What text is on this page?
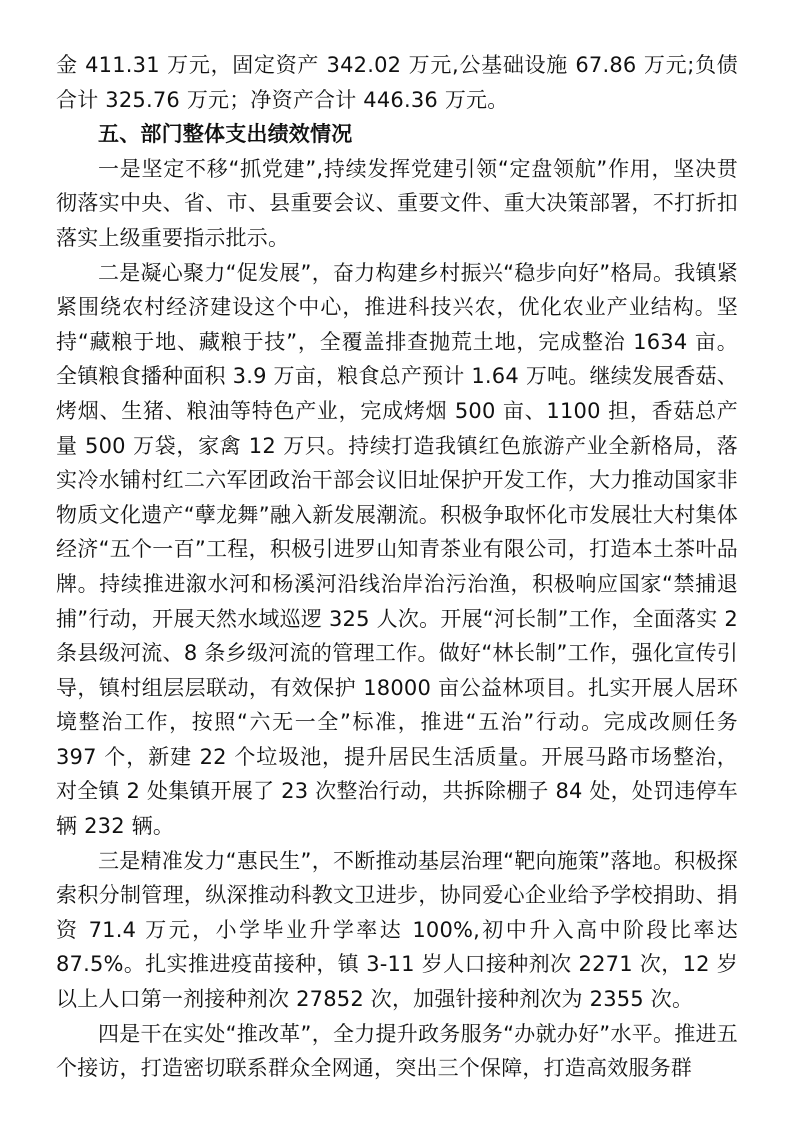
金 411.31 万元，固定资产 342.02 万元,公基础设施 67.86 万元;负债合计 325.76 万元；净资产合计 446.36 万元。

五、部门整体支出绩效情况

一是坚定不移“抓党建”,持续发挥党建引领“定盘领航”作用，坚决贯彻落实中央、省、市、县重要会议、重要文件、重大决策部署，不打折扣落实上级重要指示批示。

二是凝心聚力“促发展”，奋力构建乡村振兴“稳步向好”格局。我镇紧紧围绕农村经济建设这个中心，推进科技兴农，优化农业产业结构。坚持“藏粮于地、藏粮于技”，全覆盖排查抛荒土地，完成整治 1634 亩。全镇粮食播种面积 3.9 万亩，粮食总产预计 1.64 万吨。继续发展香菇、烤烟、生猪、粮油等特色产业，完成烤烟 500 亩、1100 担，香菇总产量 500 万袋，家禽 12 万只。持续打造我镇红色旅游产业全新格局，落实冷水铺村红二六军团政治干部会议旧址保护开发工作，大力推动国家非物质文化遗产“孽龙舞”融入新发展潮流。积极争取怀化市发展壮大村集体经济“五个一百”工程，积极引进罗山知青茶业有限公司，打造本土茶叶品牌。持续推进溆水河和杨溪河沿线治岸治污治渔，积极响应国家“禁捕退捕”行动，开展天然水域巡逻 325 人次。开展“河长制”工作，全面落实 2 条县级河流、8 条乡级河流的管理工作。做好“林长制”工作，强化宣传引导，镇村组层层联动，有效保护 18000 亩公益林项目。扎实开展人居环境整治工作，按照“六无一全”标准，推进“五治”行动。完成改厕任务 397 个，新建 22 个垃圾池，提升居民生活质量。开展马路市场整治，对全镇 2 处集镇开展了 23 次整治行动，共拆除棚子 84 处，处罚违停车辆 232 辆。

三是精准发力“惠民生”，不断推动基层治理“靶向施策”落地。积极探索积分制管理，纵深推动科教文卫进步，协同爱心企业给予学校捐助、捐资 71.4 万元，小学毕业升学率达 100%,初中升入高中阶段比率达 87.5%。扎实推进疫苗接种，镇 3-11 岁人口接种剂次 2271 次，12 岁以上人口第一剂接种剂次 27852 次，加强针接种剂次为 2355 次。

四是干在实处“推改革”，全力提升政务服务“办就办好”水平。推进五个接访，打造密切联系群众全网通，突出三个保障，打造高效服务群
